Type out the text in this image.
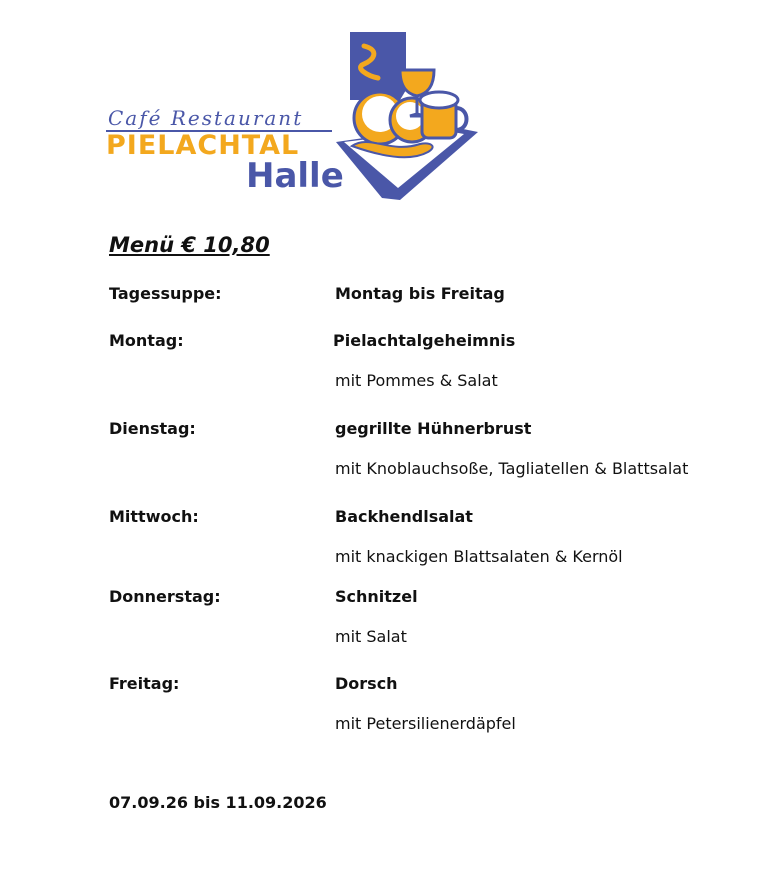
Café Restaurant
PIELACHTAL
Halle
Menü € 10,80
Tagessuppe:	Montag bis Freitag
Montag:	Pielachtalgeheimnis
mit Pommes & Salat
Dienstag:	gegrillte Hühnerbrust
mit Knoblauchsoße, Tagliatellen & Blattsalat
Mittwoch:	Backhendlsalat
mit knackigen Blattsalaten & Kernöl
Donnerstag:	Schnitzel
mit Salat
Freitag:	Dorsch
mit Petersilienerdäpfel
07.09.26 bis 11.09.2026
